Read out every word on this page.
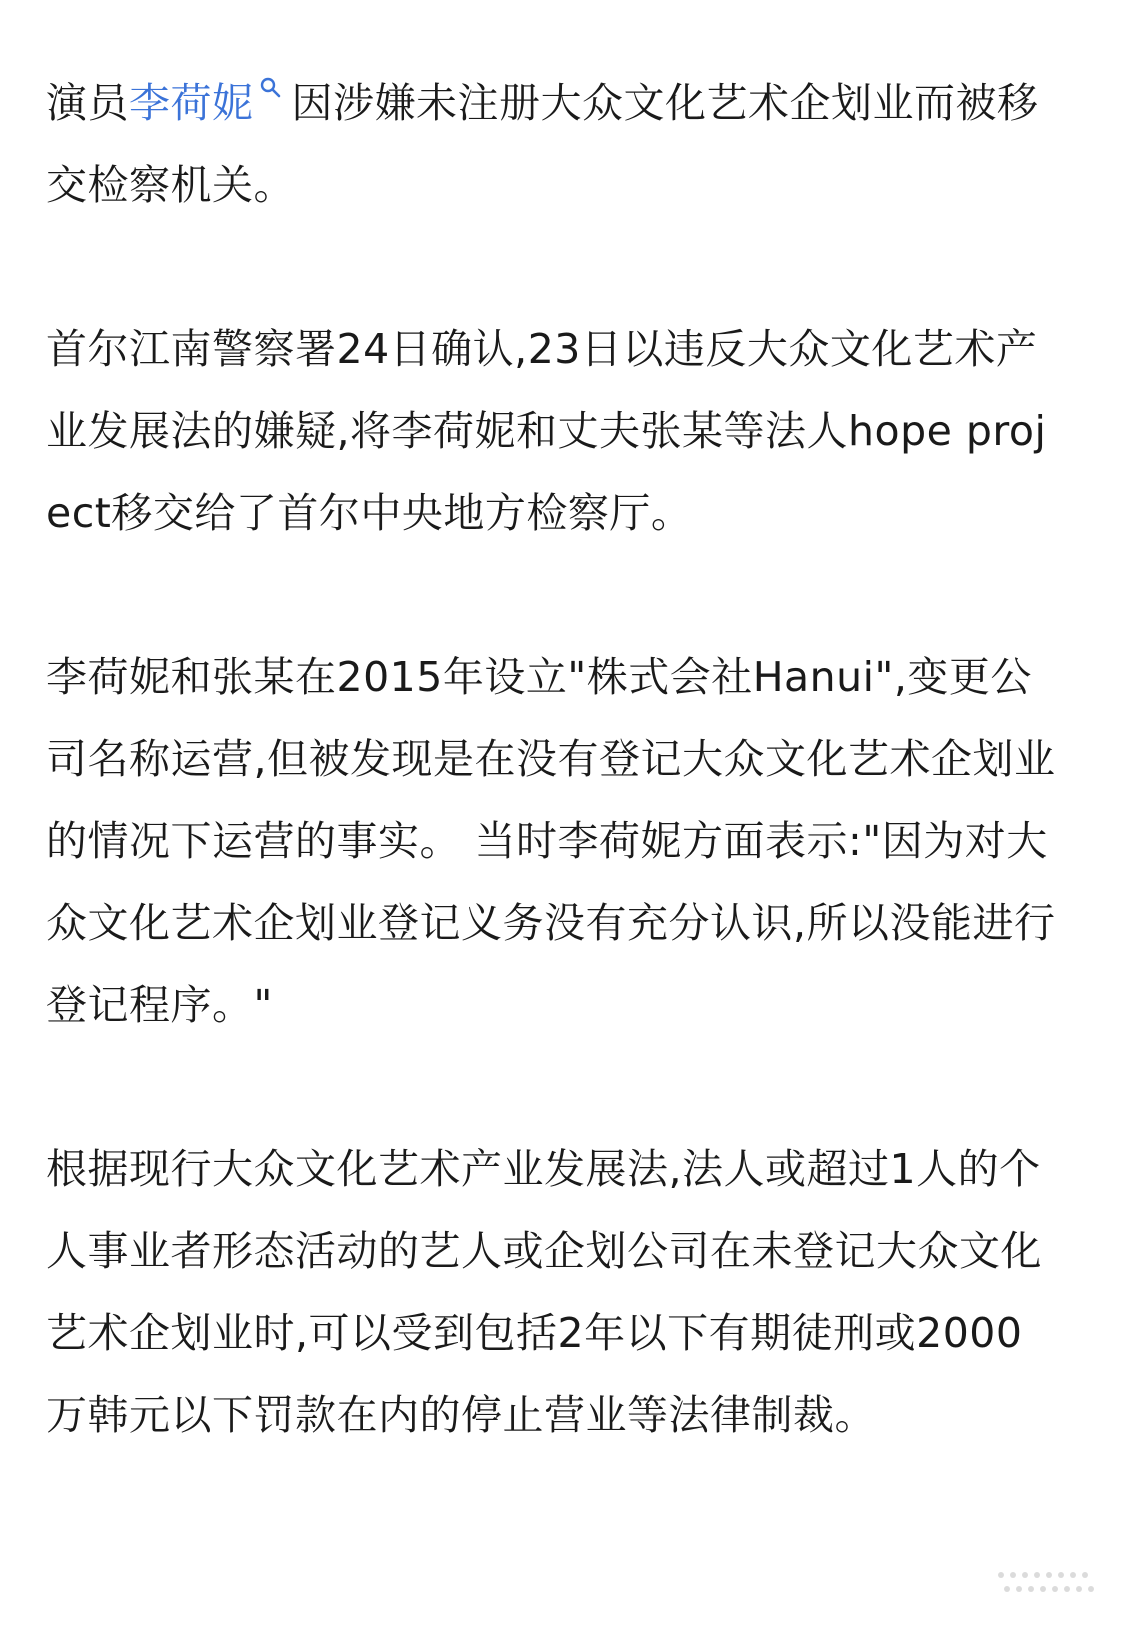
演员李荷妮 因涉嫌未注册大众文化艺术企划业而被移交检察机关。

首尔江南警察署24日确认,23日以违反大众文化艺术产业发展法的嫌疑,将李荷妮和丈夫张某等法人hope project移交给了首尔中央地方检察厅。

李荷妮和张某在2015年设立"株式会社Hanui",变更公司名称运营,但被发现是在没有登记大众文化艺术企划业的情况下运营的事实。 当时李荷妮方面表示:"因为对大众文化艺术企划业登记义务没有充分认识,所以没能进行登记程序。"

根据现行大众文化艺术产业发展法,法人或超过1人的个人事业者形态活动的艺人或企划公司在未登记大众文化艺术企划业时,可以受到包括2年以下有期徒刑或2000万韩元以下罚款在内的停止营业等法律制裁。
